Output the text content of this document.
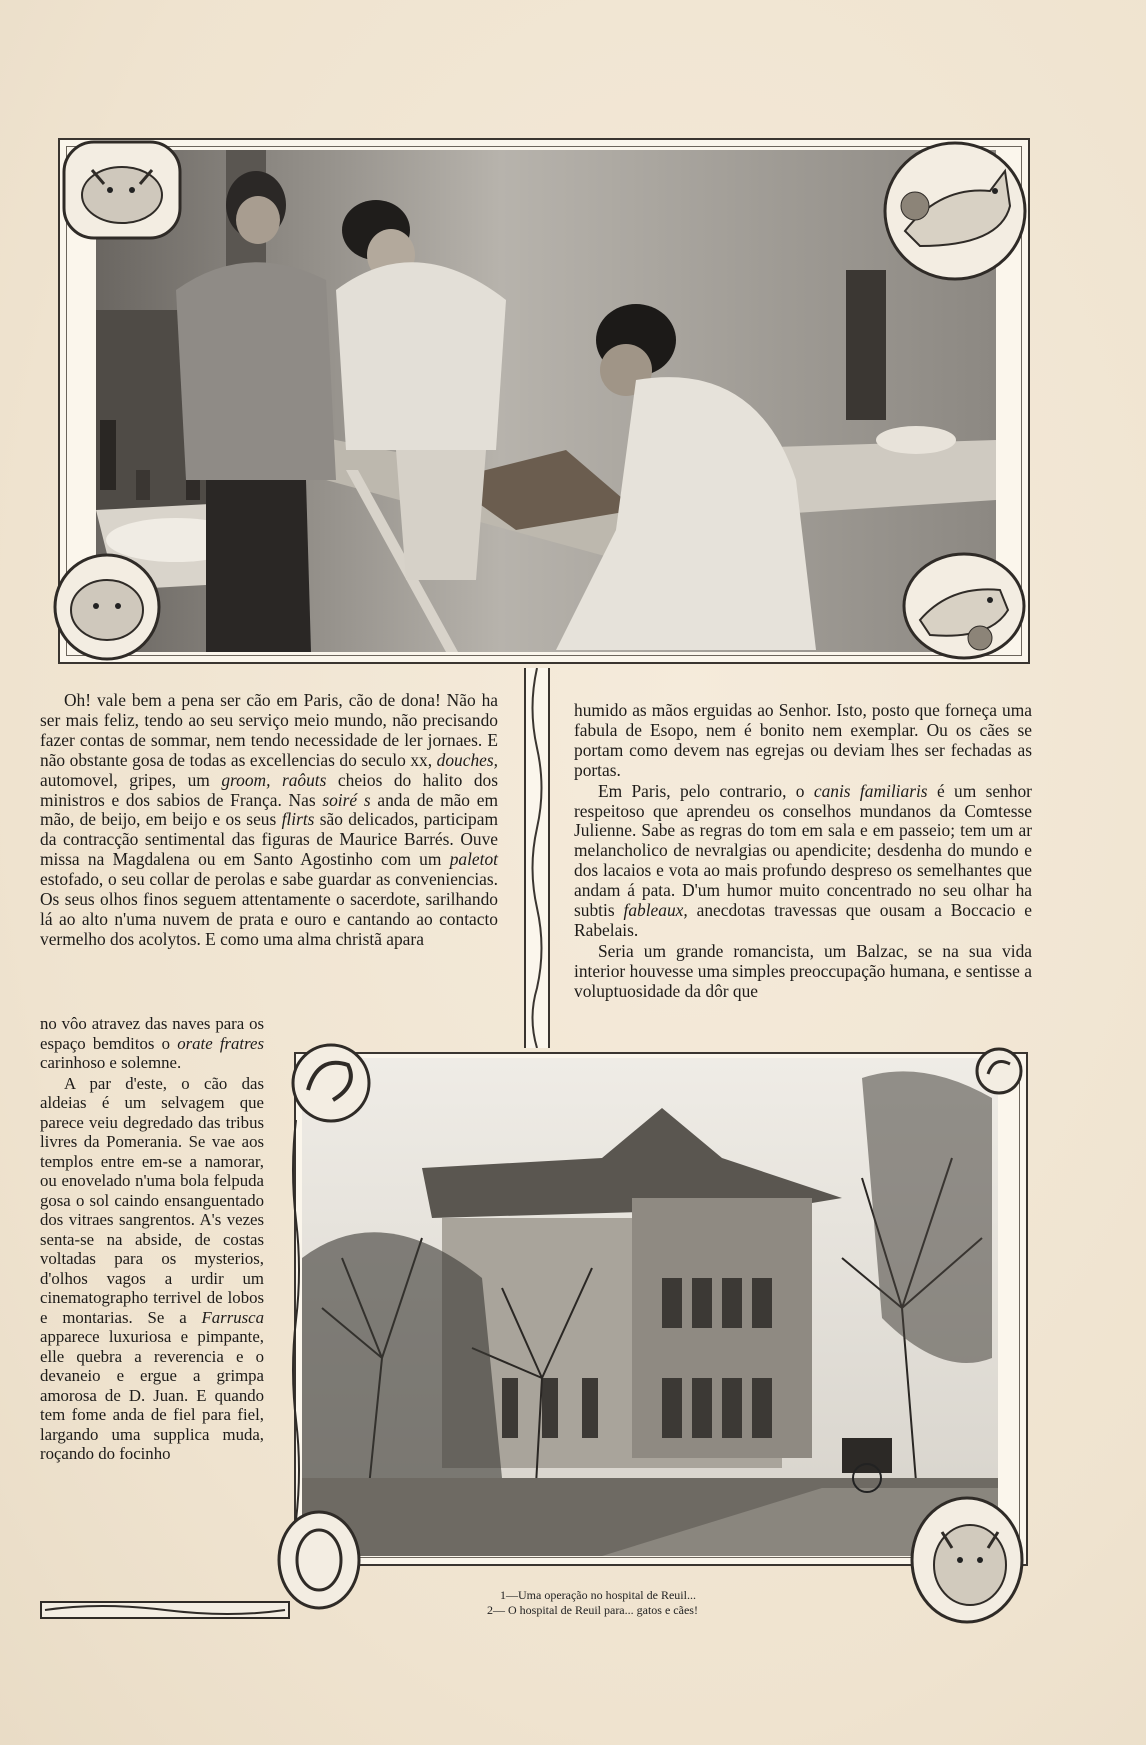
Oh! vale bem a pena ser cão em Paris, cão de dona! Não ha ser mais feliz, tendo ao seu serviço meio mundo, não precisando fazer contas de sommar, nem tendo necessidade de ler jornaes. E não obstante gosa de todas as excellencias do seculo xx, douches, automovel, gripes, um groom, raôuts cheios do halito dos ministros e dos sabios de França. Nas soiré s anda de mão em mão, de beijo, em beijo e os seus flirts são delicados, participam da contracção sentimental das figuras de Maurice Barrés. Ouve missa na Magdalena ou em Santo Agostinho com um paletot estofado, o seu collar de perolas e sabe guardar as conveniencias. Os seus olhos finos seguem attentamente o sacerdote, sarilhando lá ao alto n'uma nuvem de prata e ouro e cantando ao contacto vermelho dos acolytos. E como uma alma christã apara

humido as mãos erguidas ao Senhor. Isto, posto que forneça uma fabula de Esopo, nem é bonito nem exemplar. Ou os cães se portam como devem nas egrejas ou deviam lhes ser fechadas as portas.

Em Paris, pelo contrario, o canis familiaris é um senhor respeitoso que aprendeu os conselhos mundanos da Comtesse Julienne. Sabe as regras do tom em sala e em passeio; tem um ar melancholico de nevralgias ou apendicite; desdenha do mundo e dos lacaios e vota ao mais profundo despreso os semelhantes que andam á pata. D'um humor muito concentrado no seu olhar ha subtis fableaux, anecdotas travessas que ousam a Boccacio e Rabelais.

Seria um grande romancista, um Balzac, se na sua vida interior houvesse uma simples preoccupação humana, e sentisse a voluptuosidade da dôr que

no vôo atravez das naves para os espaço bemditos o orate fratres carinhoso e solemne.

A par d'este, o cão das aldeias é um selvagem que parece veiu degredado das tribus livres da Pomerania. Se vae aos templos entre em-se a namorar, ou enovelado n'uma bola felpuda gosa o sol caindo ensanguentado dos vitraes sangrentos. A's vezes senta-se na abside, de costas voltadas para os mysterios, d'olhos vagos a urdir um cinematographo terrivel de lobos e montarias. Se a Farrusca apparece luxuriosa e pimpante, elle quebra a reverencia e o devaneio e ergue a grimpa amorosa de D. Juan. E quando tem fome anda de fiel para fiel, largando uma supplica muda, roçando do focinho

1—Uma operação no hospital de Reuil...
2— O hospital de Reuil para... gatos e cães!
